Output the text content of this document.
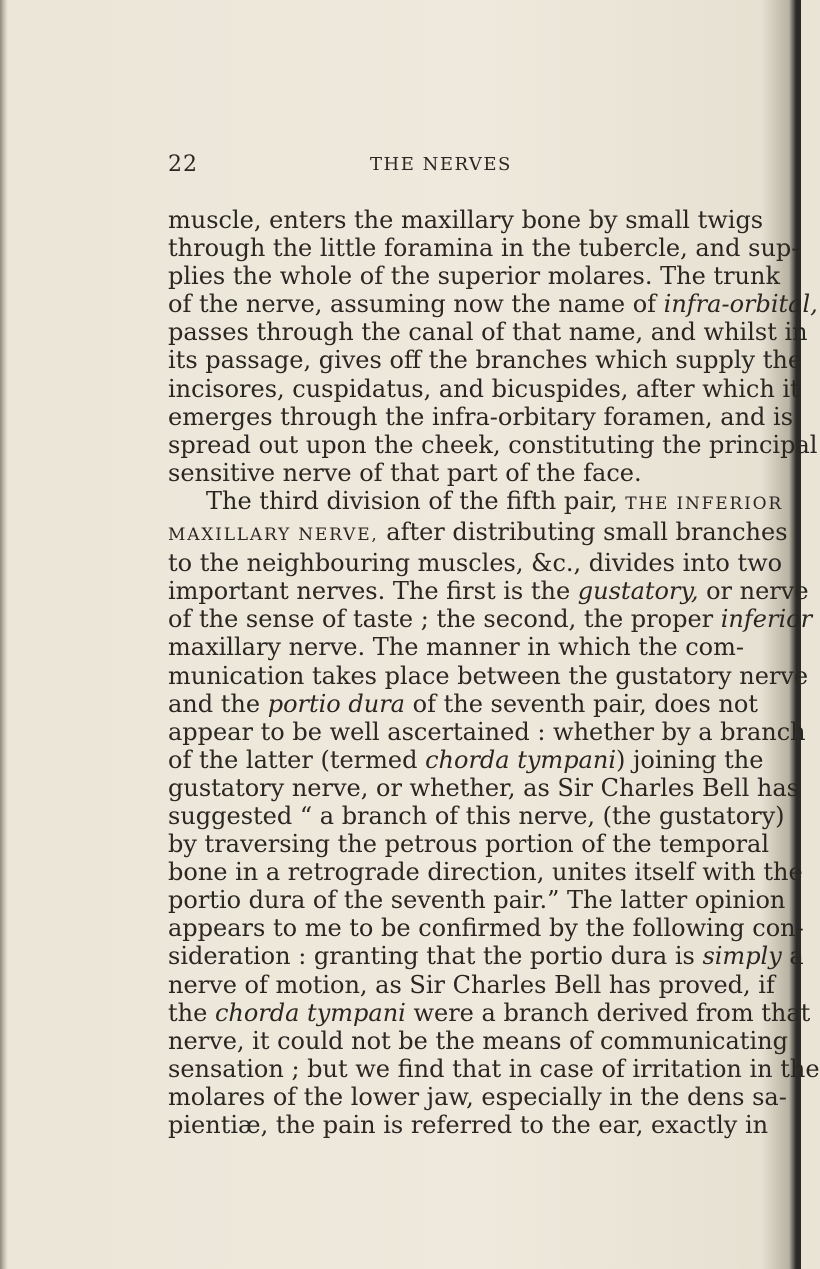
22	THE NERVES
muscle, enters the maxillary bone by small twigs
through the little foramina in the tubercle, and sup-
plies the whole of the superior molares. The trunk
of the nerve, assuming now the name of infra-orbital,
passes through the canal of that name, and whilst in
its passage, gives off the branches which supply the
incisores, cuspidatus, and bicuspides, after which it
emerges through the infra-orbitary foramen, and is
spread out upon the cheek, constituting the principal
sensitive nerve of that part of the face.
The third division of the fifth pair, THE INFERIOR
MAXILLARY NERVE, after distributing small branches
to the neighbouring muscles, &c., divides into two
important nerves. The first is the gustatory, or nerve
of the sense of taste ; the second, the proper inferior
maxillary nerve. The manner in which the com-
munication takes place between the gustatory nerve
and the portio dura of the seventh pair, does not
appear to be well ascertained : whether by a branch
of the latter (termed chorda tympani) joining the
gustatory nerve, or whether, as Sir Charles Bell has
suggested “ a branch of this nerve, (the gustatory)
by traversing the petrous portion of the temporal
bone in a retrograde direction, unites itself with the
portio dura of the seventh pair.” The latter opinion
appears to me to be confirmed by the following con-
sideration : granting that the portio dura is simply a
nerve of motion, as Sir Charles Bell has proved, if
the chorda tympani were a branch derived from that
nerve, it could not be the means of communicating
sensation ; but we find that in case of irritation in the
molares of the lower jaw, especially in the dens sa-
pientiæ, the pain is referred to the ear, exactly in
